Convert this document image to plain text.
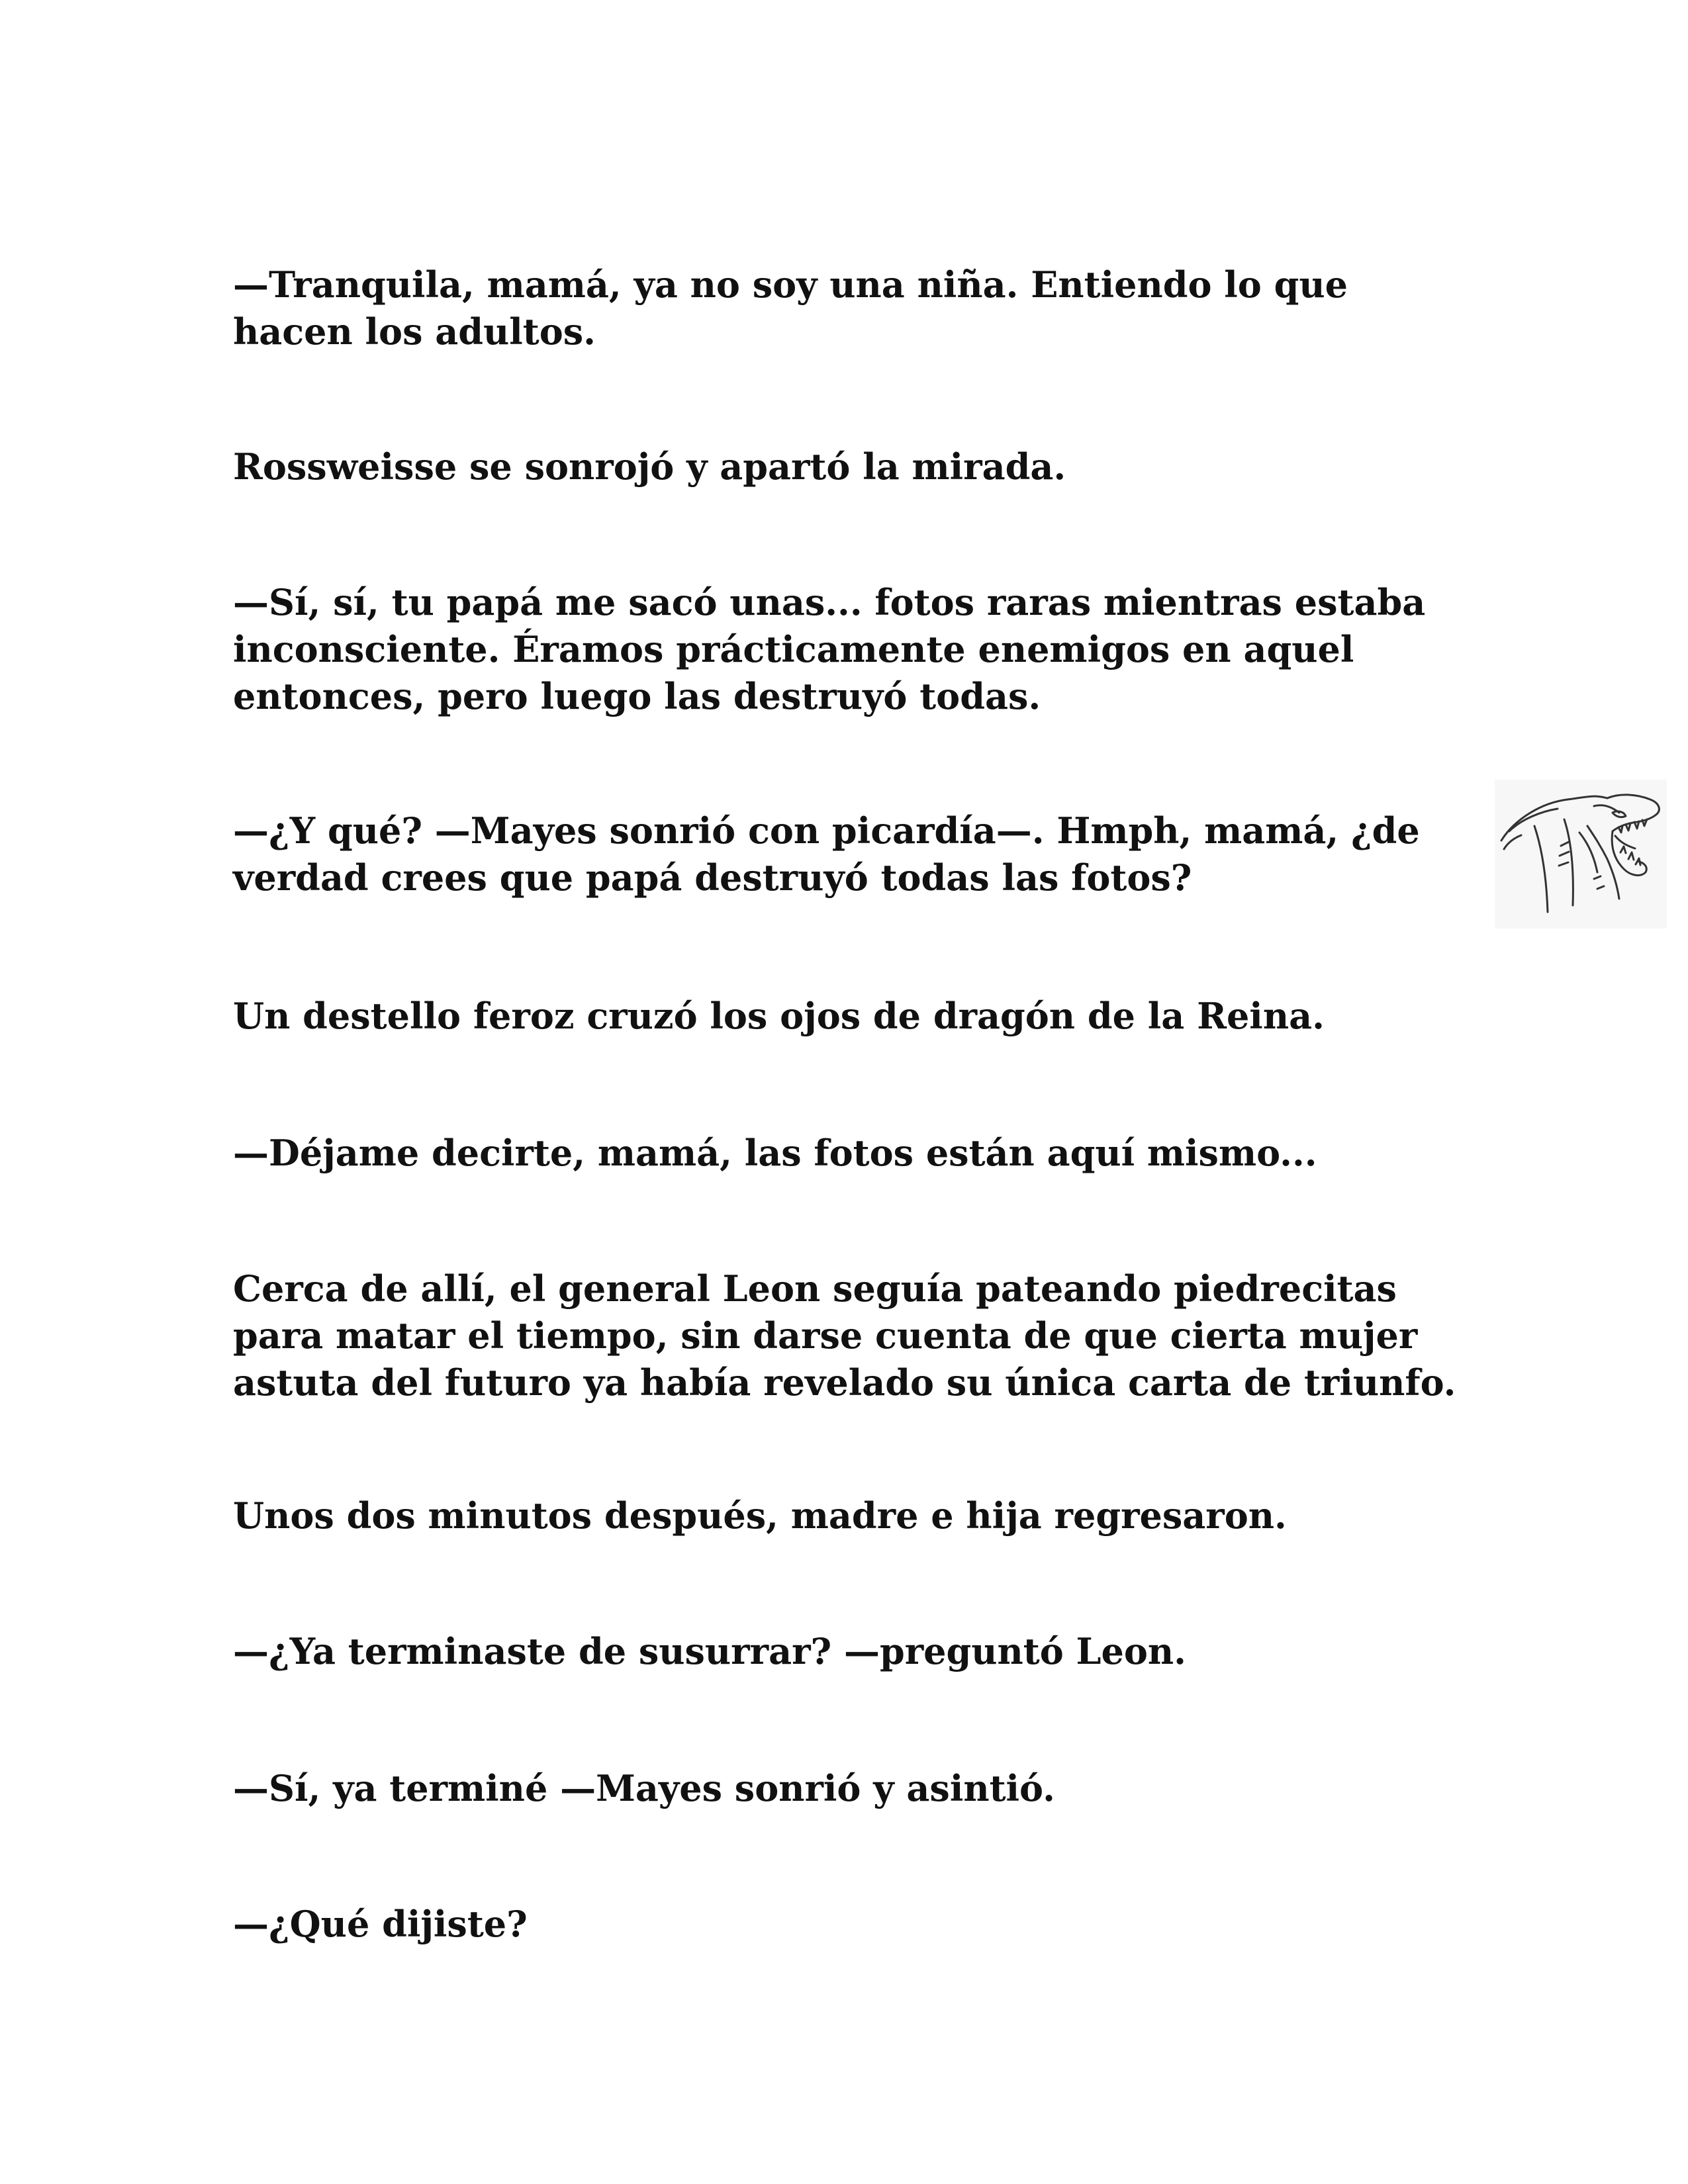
—Tranquila, mamá, ya no soy una niña. Entiendo lo que hacen los adultos.

Rossweisse se sonrojó y apartó la mirada.

—Sí, sí, tu papá me sacó unas... fotos raras mientras estaba inconsciente. Éramos prácticamente enemigos en aquel entonces, pero luego las destruyó todas.

—¿Y qué? —Mayes sonrió con picardía—. Hmph, mamá, ¿de verdad crees que papá destruyó todas las fotos?

Un destello feroz cruzó los ojos de dragón de la Reina.

—Déjame decirte, mamá, las fotos están aquí mismo...

Cerca de allí, el general Leon seguía pateando piedrecitas para matar el tiempo, sin darse cuenta de que cierta mujer astuta del futuro ya había revelado su única carta de triunfo.

Unos dos minutos después, madre e hija regresaron.

—¿Ya terminaste de susurrar? —preguntó Leon.

—Sí, ya terminé —Mayes sonrió y asintió.

—¿Qué dijiste?
